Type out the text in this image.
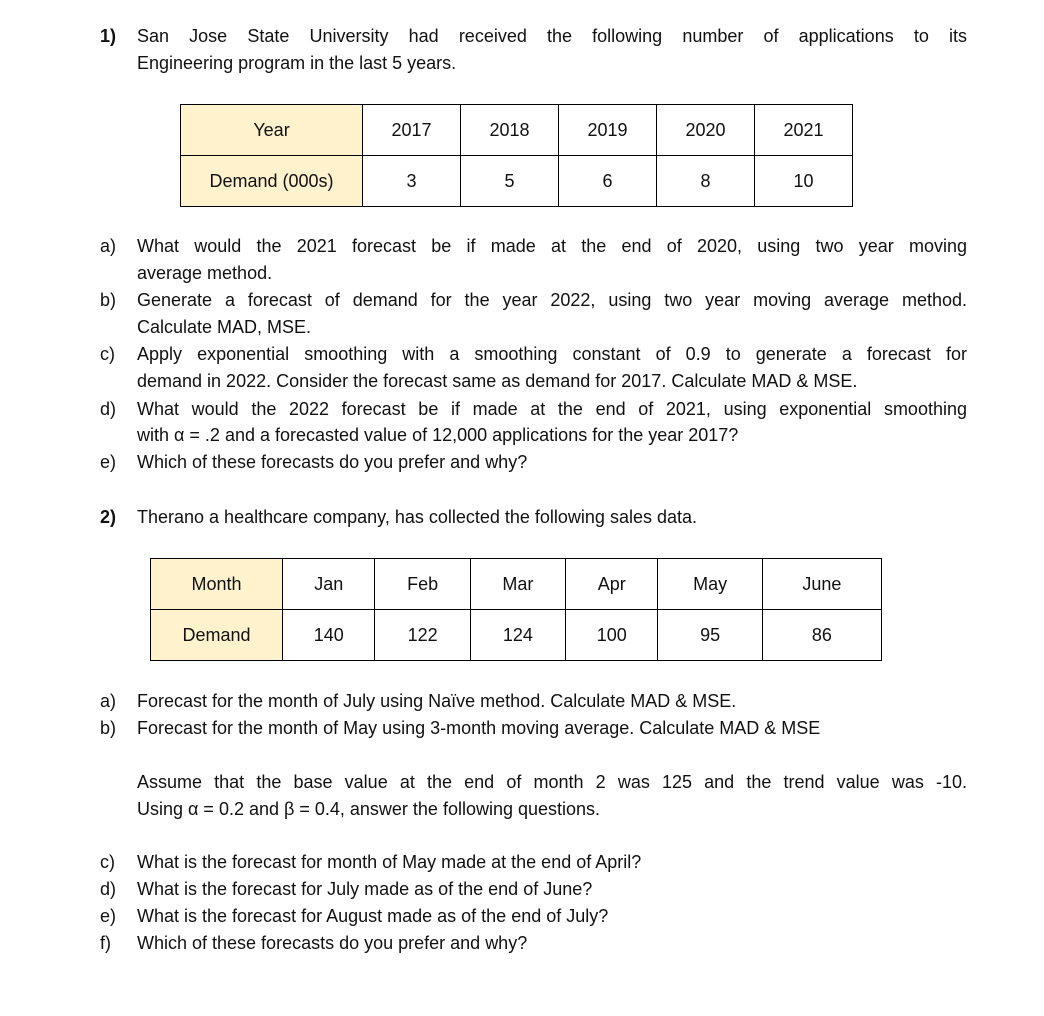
1) San Jose State University had received the following number of applications to its
Engineering program in the last 5 years.
Year	2017	2018	2019	2020	2021
Demand (000s)	3	5	6	8	10
a) What would the 2021 forecast be if made at the end of 2020, using two year moving
average method.
b) Generate a forecast of demand for the year 2022, using two year moving average method.
Calculate MAD, MSE.
c) Apply exponential smoothing with a smoothing constant of 0.9 to generate a forecast for
demand in 2022. Consider the forecast same as demand for 2017. Calculate MAD & MSE.
d) What would the 2022 forecast be if made at the end of 2021, using exponential smoothing
with α = .2 and a forecasted value of 12,000 applications for the year 2017?
e) Which of these forecasts do you prefer and why?
2) Therano a healthcare company, has collected the following sales data.
Month	Jan	Feb	Mar	Apr	May	June
Demand	140	122	124	100	95	86
a) Forecast for the month of July using Naïve method. Calculate MAD & MSE.
b) Forecast for the month of May using 3-month moving average. Calculate MAD & MSE
Assume that the base value at the end of month 2 was 125 and the trend value was -10.
Using α = 0.2 and β = 0.4, answer the following questions.
c) What is the forecast for month of May made at the end of April?
d) What is the forecast for July made as of the end of June?
e) What is the forecast for August made as of the end of July?
f) Which of these forecasts do you prefer and why?
